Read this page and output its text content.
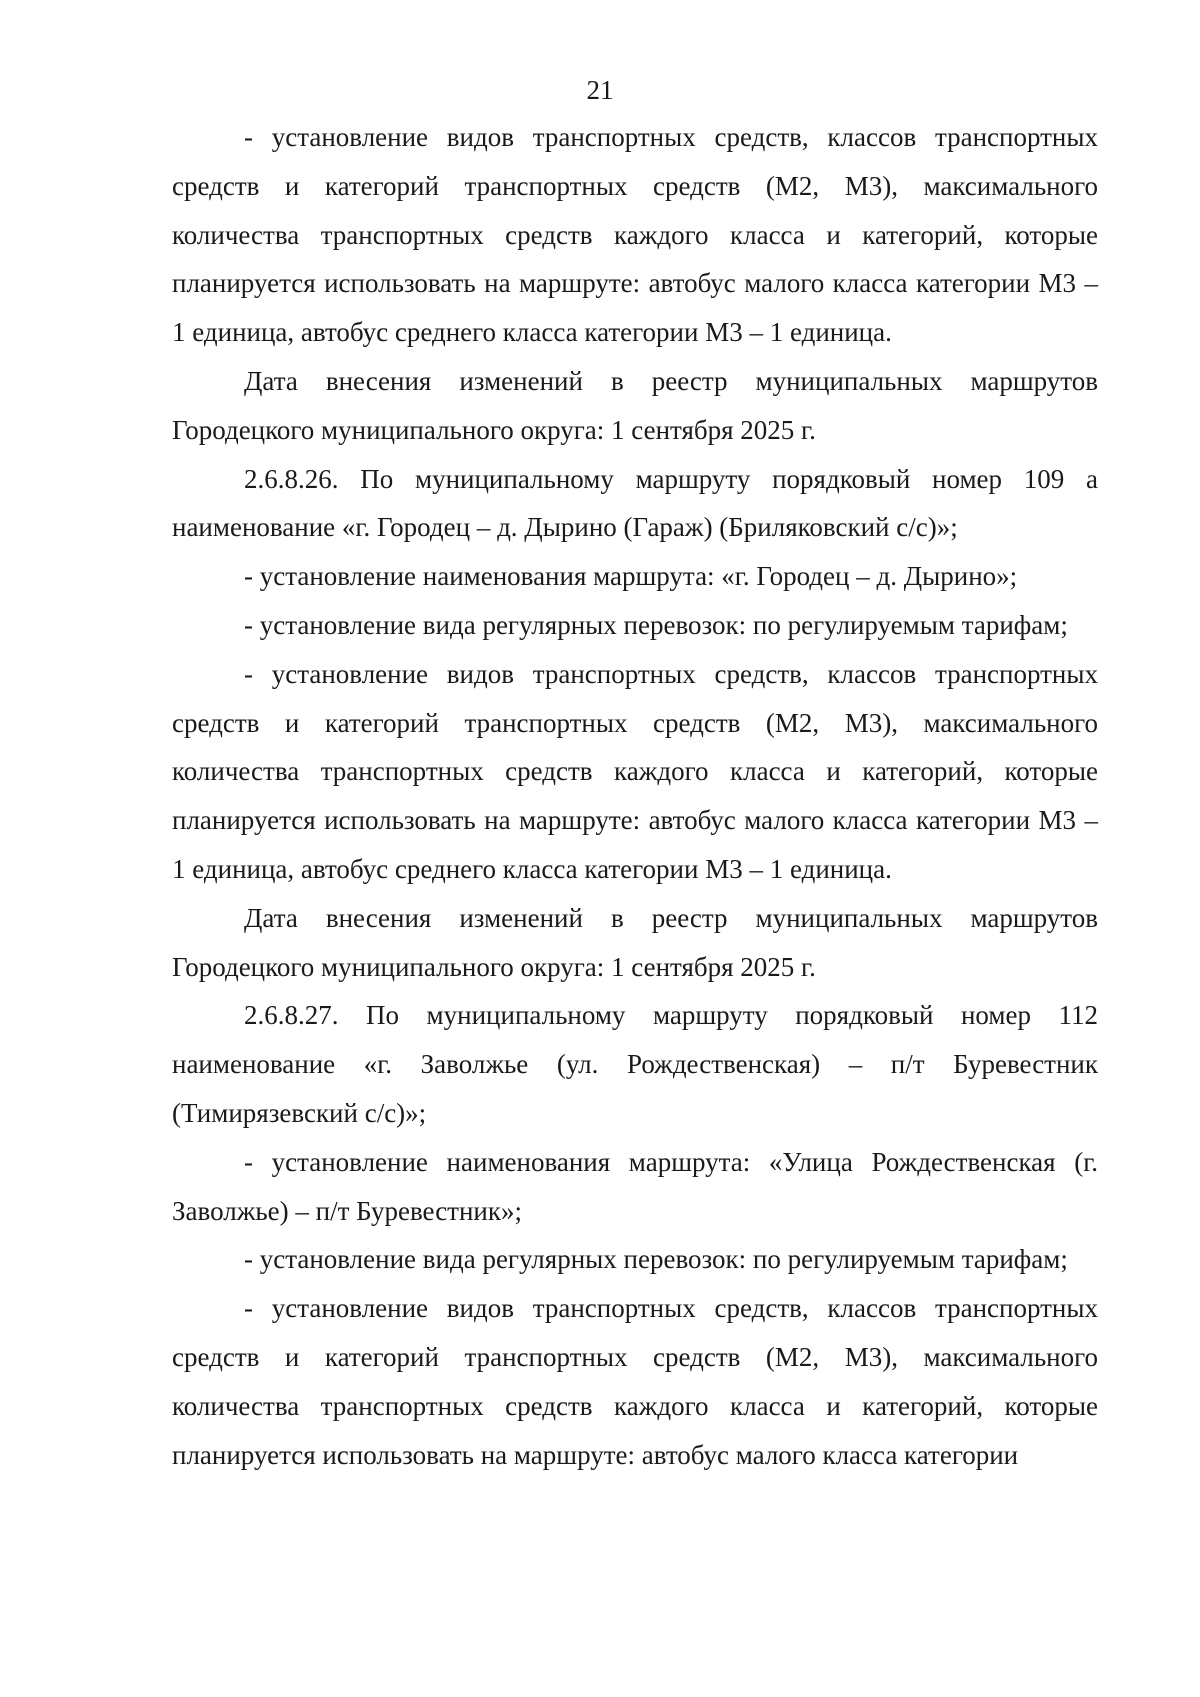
21

- установление видов транспортных средств, классов транспортных средств и категорий транспортных средств (М2, М3), максимального количества транспортных средств каждого класса и категорий, которые планируется использовать на маршруте: автобус малого класса категории М3 – 1 единица, автобус среднего класса категории М3 – 1 единица.

Дата внесения изменений в реестр муниципальных маршрутов Городецкого муниципального округа: 1 сентября 2025 г.

2.6.8.26. По муниципальному маршруту порядковый номер 109 а наименование «г. Городец – д. Дырино (Гараж) (Бриляковский с/с)»;

- установление наименования маршрута: «г. Городец – д. Дырино»;

- установление вида регулярных перевозок: по регулируемым тарифам;

- установление видов транспортных средств, классов транспортных средств и категорий транспортных средств (М2, М3), максимального количества транспортных средств каждого класса и категорий, которые планируется использовать на маршруте: автобус малого класса категории М3 – 1 единица, автобус среднего класса категории М3 – 1 единица.

Дата внесения изменений в реестр муниципальных маршрутов Городецкого муниципального округа: 1 сентября 2025 г.

2.6.8.27. По муниципальному маршруту порядковый номер 112 наименование «г. Заволжье (ул. Рождественская) – п/т Буревестник (Тимирязевский с/с)»;

- установление наименования маршрута: «Улица Рождественская (г. Заволжье) – п/т Буревестник»;

- установление вида регулярных перевозок: по регулируемым тарифам;

- установление видов транспортных средств, классов транспортных средств и категорий транспортных средств (М2, М3), максимального количества транспортных средств каждого класса и категорий, которые планируется использовать на маршруте: автобус малого класса категории
